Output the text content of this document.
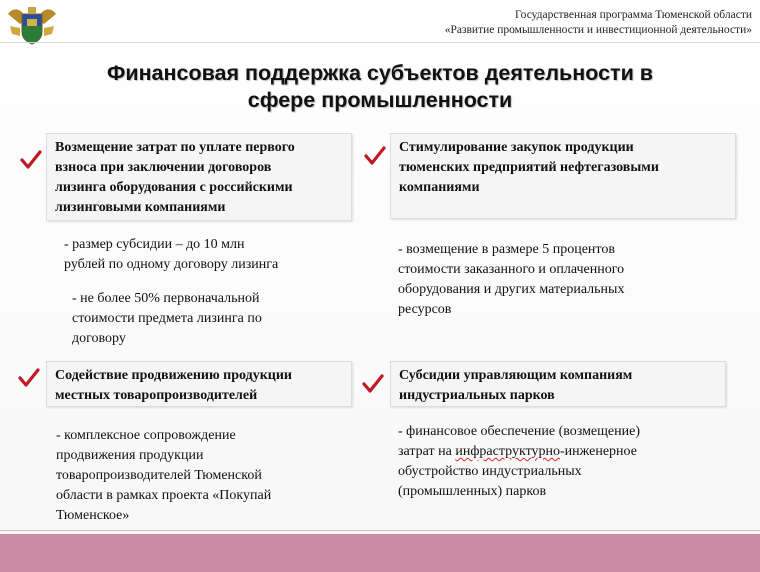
Государственная программа Тюменской области
«Развитие промышленности и инвестиционной деятельности»
Финансовая поддержка субъектов деятельности в
сфере промышленности
Возмещение затрат по уплате первого
взноса при заключении договоров
лизинга оборудования с российскими
лизинговыми компаниями
- размер субсидии – до 10 млн
рублей по одному договору лизинга
- не более 50% первоначальной
стоимости предмета лизинга по
договору
Стимулирование закупок продукции
тюменских предприятий нефтегазовыми
компаниями
- возмещение в размере 5 процентов
стоимости заказанного и оплаченного
оборудования и других материальных
ресурсов
Содействие продвижению продукции
местных товаропроизводителей
- комплексное сопровождение
продвижения продукции
товаропроизводителей Тюменской
области в рамках проекта «Покупай
Тюменское»
Субсидии управляющим компаниям
индустриальных парков
- финансовое обеспечение (возмещение)
затрат на инфраструктурно-инженерное
обустройство индустриальных
(промышленных) парков
